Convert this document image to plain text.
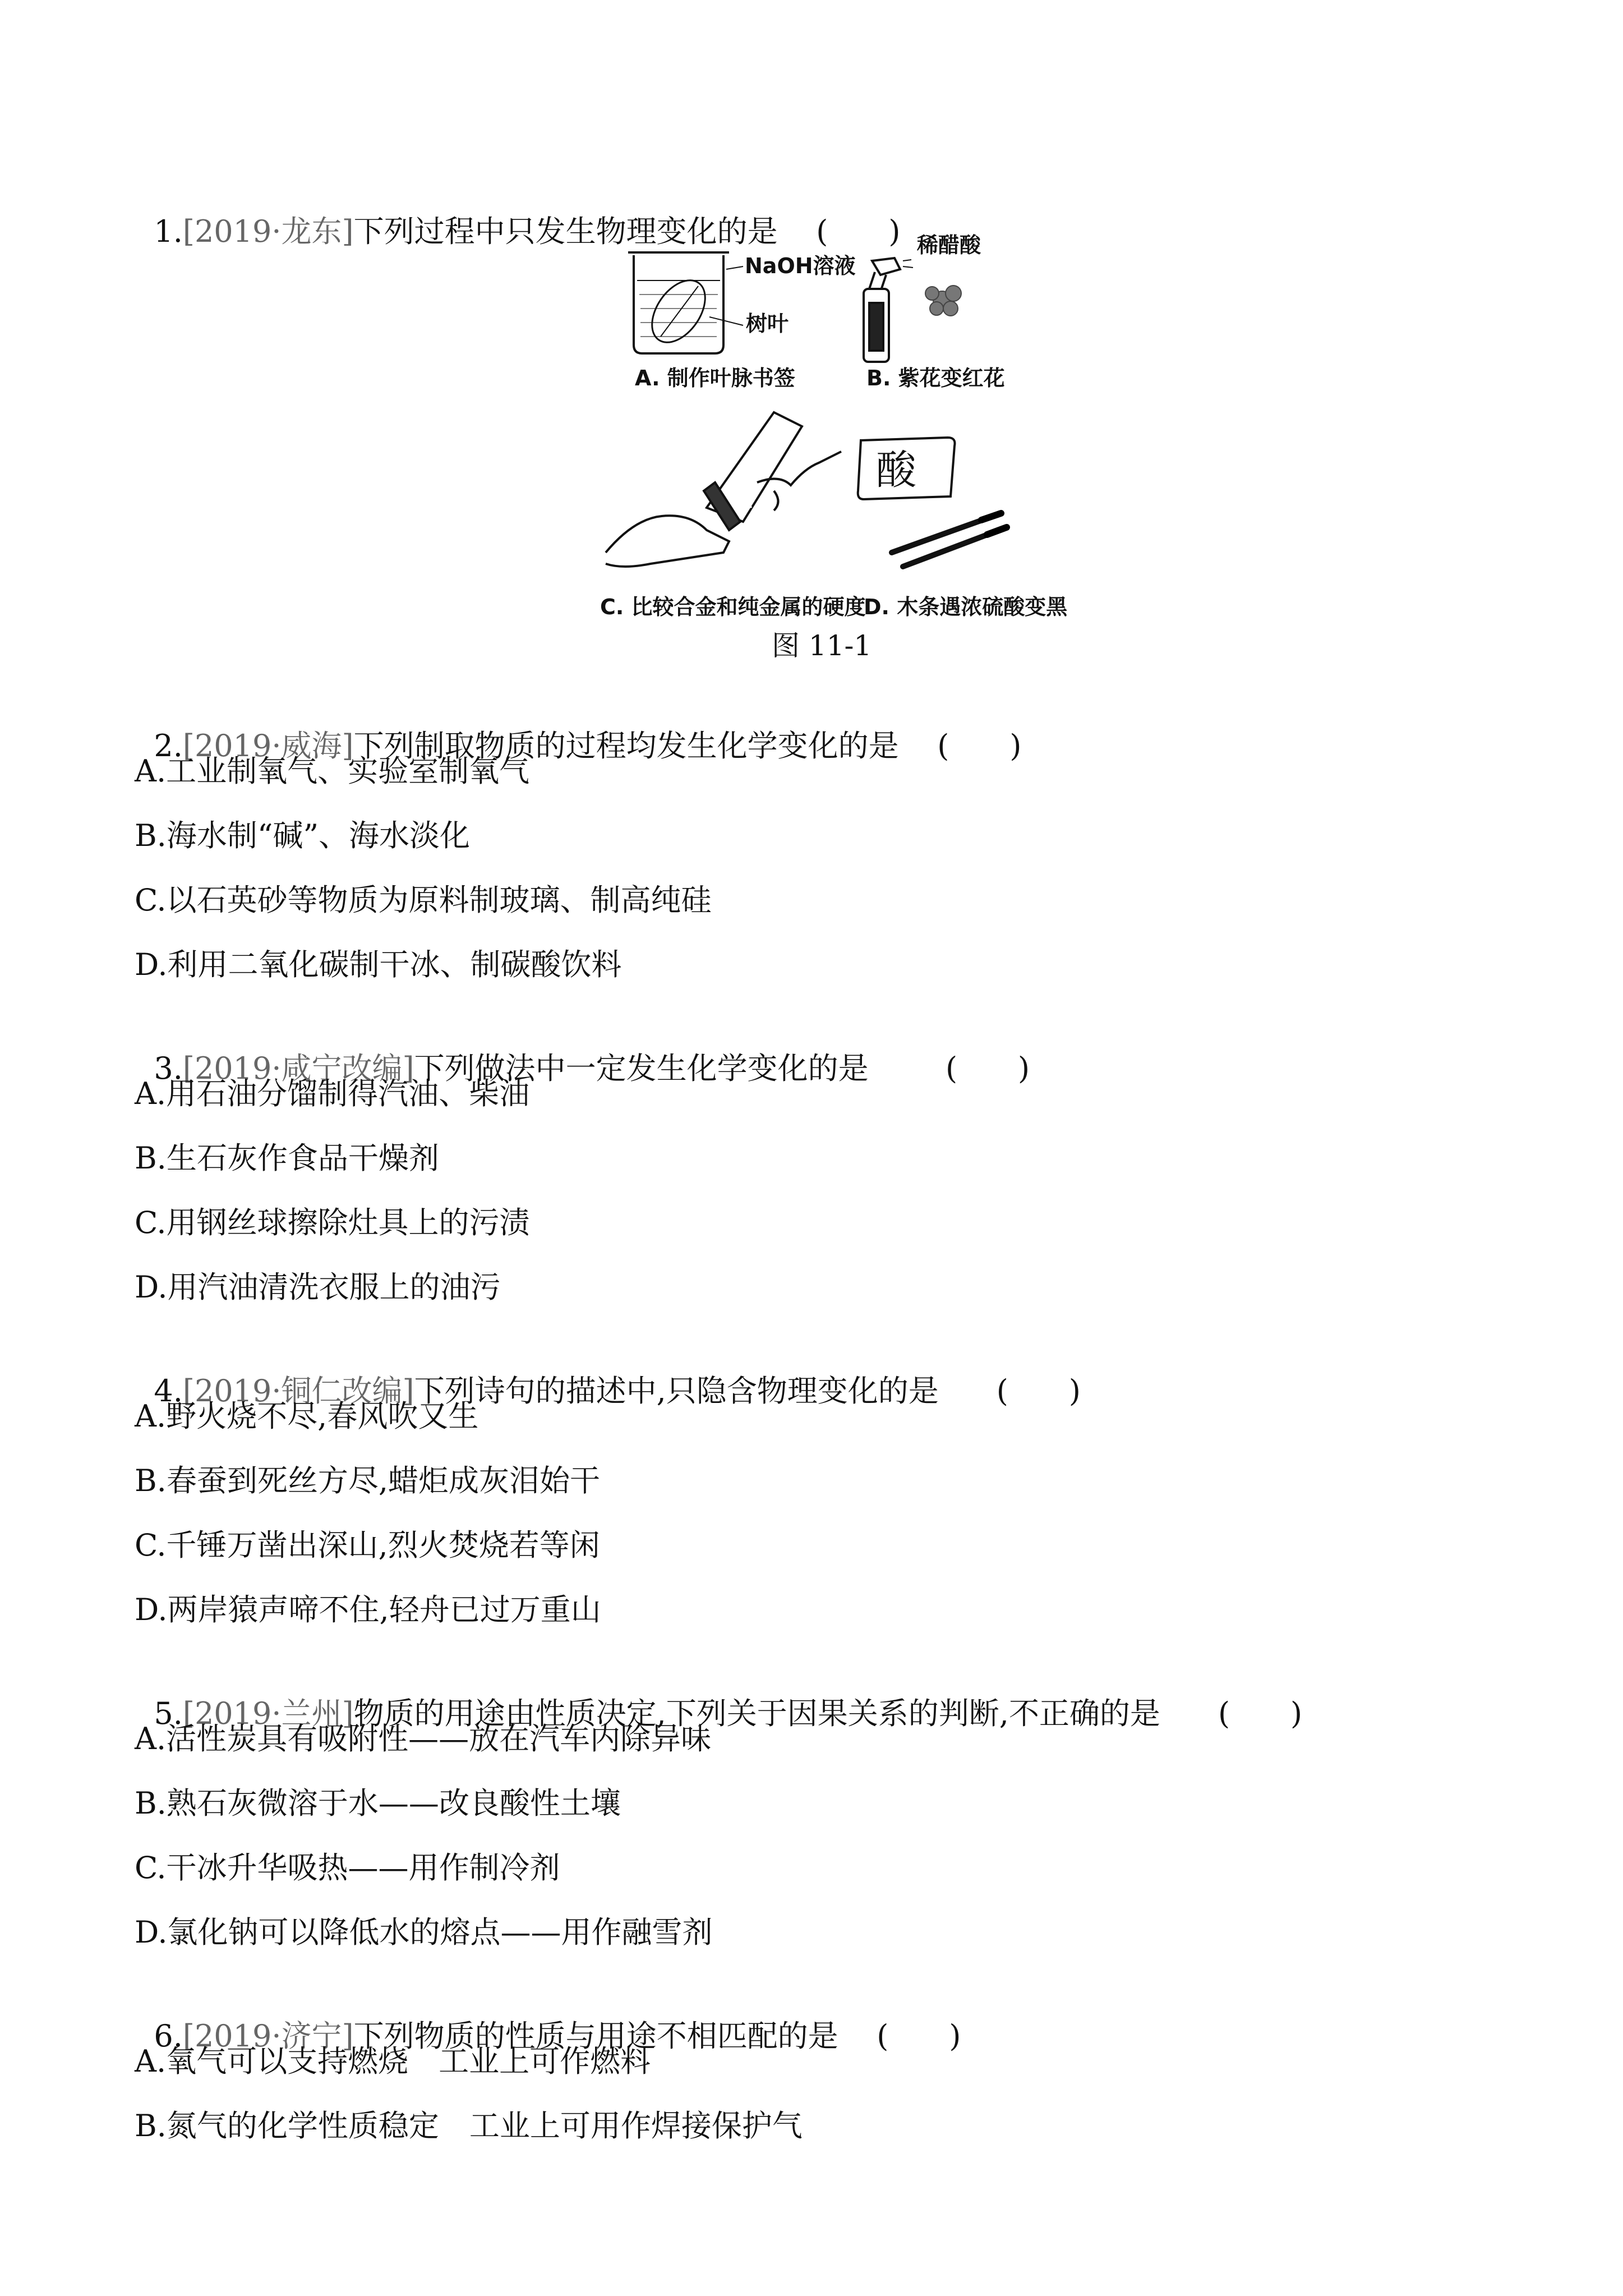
1.[2019·龙东]下列过程中只发生物理变化的是 (　　)

NaOH溶液
树叶
A. 制作叶脉书签
稀醋酸
B. 紫花变红花
C. 比较合金和纯金属的硬度
酸
D. 木条遇浓硫酸变黑
图 11-1

2.[2019·威海]下列制取物质的过程均发生化学变化的是 (　　)

A.工业制氧气、实验室制氧气
B.海水制“碱”、海水淡化
C.以石英砂等物质为原料制玻璃、制高纯硅
D.利用二氧化碳制干冰、制碳酸饮料

3.[2019·咸宁改编]下列做法中一定发生化学变化的是	(　　)

A.用石油分馏制得汽油、柴油
B.生石灰作食品干燥剂
C.用钢丝球擦除灶具上的污渍
D.用汽油清洗衣服上的油污

4.[2019·铜仁改编]下列诗句的描述中,只隐含物理变化的是 (　　)

A.野火烧不尽,春风吹又生
B.春蚕到死丝方尽,蜡炬成灰泪始干
C.千锤万凿出深山,烈火焚烧若等闲
D.两岸猿声啼不住,轻舟已过万重山

5.[2019·兰州]物质的用途由性质决定,下列关于因果关系的判断,不正确的是 (　　)

A.活性炭具有吸附性——放在汽车内除异味
B.熟石灰微溶于水——改良酸性土壤
C.干冰升华吸热——用作制冷剂
D.氯化钠可以降低水的熔点——用作融雪剂

6.[2019·济宁]下列物质的性质与用途不相匹配的是 (　　)

A.氧气可以支持燃烧　工业上可作燃料
B.氮气的化学性质稳定　工业上可用作焊接保护气
